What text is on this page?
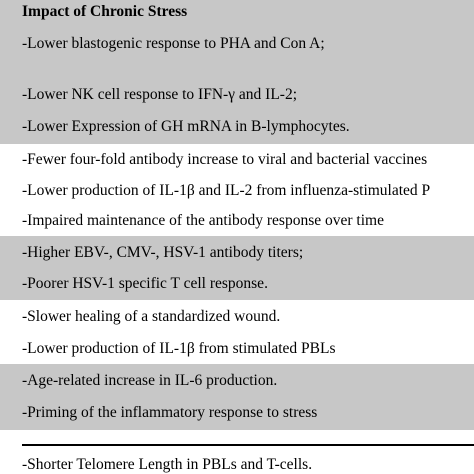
Impact of Chronic Stress
-Lower blastogenic response to PHA and Con A;
-Lower NK cell response to IFN-γ and IL-2;
-Lower Expression of GH mRNA in B-lymphocytes.
-Fewer four-fold antibody increase to viral and bacterial vaccines
-Lower production of IL-1β and IL-2 from influenza-stimulated P
-Impaired maintenance of the antibody response over time
-Higher EBV-, CMV-, HSV-1 antibody titers;
-Poorer HSV-1 specific T cell response.
-Slower healing of a standardized wound.
-Lower production of IL-1β from stimulated PBLs
-Age-related increase in IL-6 production.
-Priming of the inflammatory response to stress
-Shorter Telomere Length in PBLs and T-cells.
